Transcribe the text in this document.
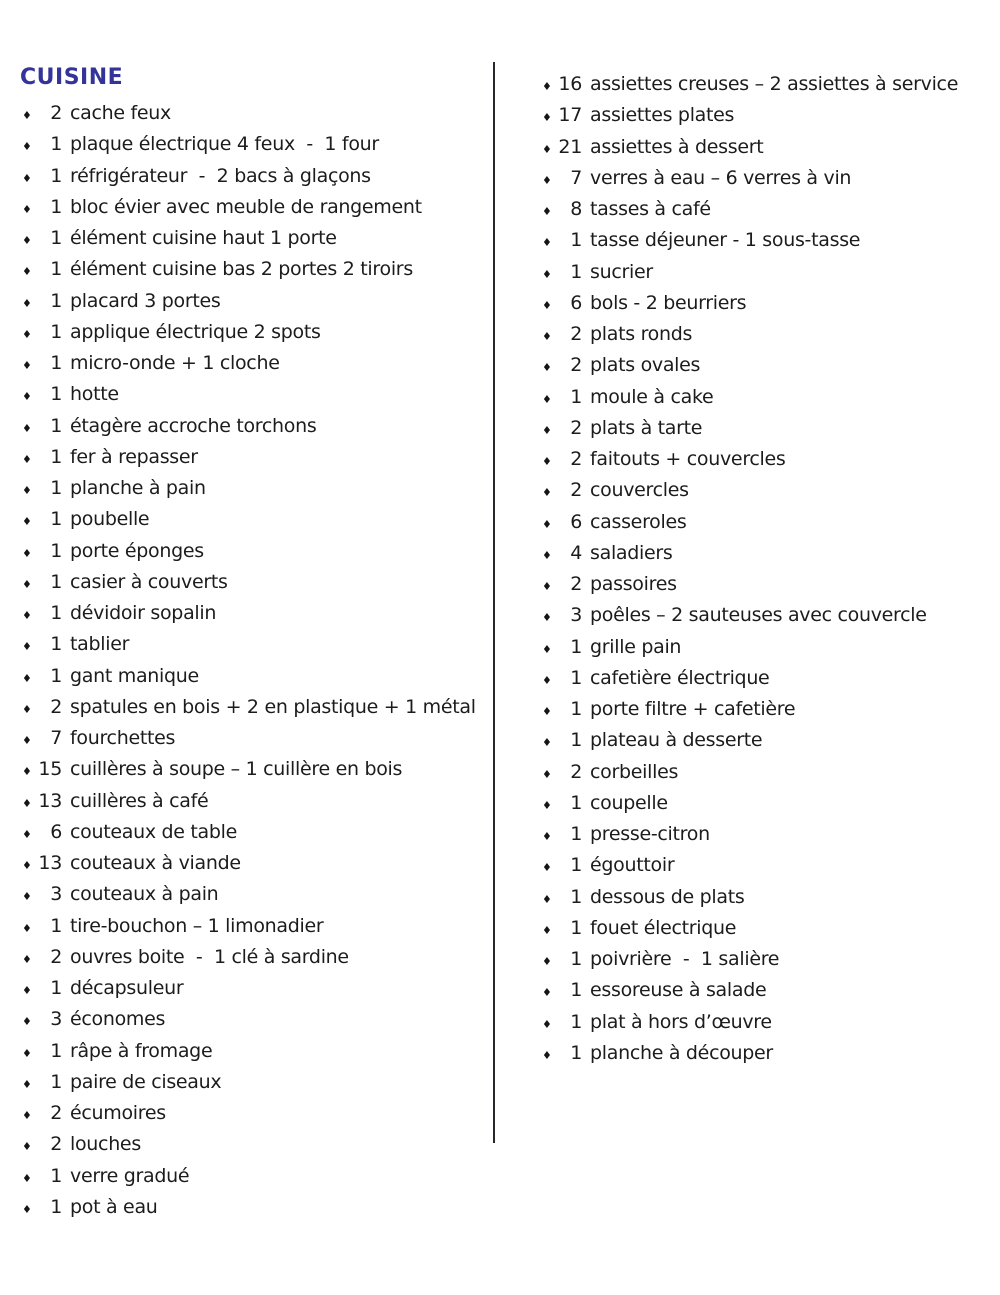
CUISINE
♦ 2 cache feux
♦ 1 plaque électrique 4 feux  -  1 four
♦ 1 réfrigérateur  -  2 bacs à glaçons
♦ 1 bloc évier avec meuble de rangement
♦ 1 élément cuisine haut 1 porte
♦ 1 élément cuisine bas 2 portes 2 tiroirs
♦ 1 placard 3 portes
♦ 1 applique électrique 2 spots
♦ 1 micro-onde + 1 cloche
♦ 1 hotte
♦ 1 étagère accroche torchons
♦ 1 fer à repasser
♦ 1 planche à pain
♦ 1 poubelle
♦ 1 porte éponges
♦ 1 casier à couverts
♦ 1 dévidoir sopalin
♦ 1 tablier
♦ 1 gant manique
♦ 2 spatules en bois + 2 en plastique + 1 métal
♦ 7 fourchettes
♦ 15 cuillères à soupe – 1 cuillère en bois
♦ 13 cuillères à café
♦ 6 couteaux de table
♦ 13 couteaux à viande
♦ 3 couteaux à pain
♦ 1 tire-bouchon – 1 limonadier
♦ 2 ouvres boite  -  1 clé à sardine
♦ 1 décapsuleur
♦ 3 économes
♦ 1 râpe à fromage
♦ 1 paire de ciseaux
♦ 2 écumoires
♦ 2 louches
♦ 1 verre gradué
♦ 1 pot à eau
♦ 16 assiettes creuses – 2 assiettes à service
♦ 17 assiettes plates
♦ 21 assiettes à dessert
♦ 7 verres à eau – 6 verres à vin
♦ 8 tasses à café
♦ 1 tasse déjeuner - 1 sous-tasse
♦ 1 sucrier
♦ 6 bols - 2 beurriers
♦ 2 plats ronds
♦ 2 plats ovales
♦ 1 moule à cake
♦ 2 plats à tarte
♦ 2 faitouts + couvercles
♦ 2 couvercles
♦ 6 casseroles
♦ 4 saladiers
♦ 2 passoires
♦ 3 poêles – 2 sauteuses avec couvercle
♦ 1 grille pain
♦ 1 cafetière électrique
♦ 1 porte filtre + cafetière
♦ 1 plateau à desserte
♦ 2 corbeilles
♦ 1 coupelle
♦ 1 presse-citron
♦ 1 égouttoir
♦ 1 dessous de plats
♦ 1 fouet électrique
♦ 1 poivrière  -  1 salière
♦ 1 essoreuse à salade
♦ 1 plat à hors d’œuvre
♦ 1 planche à découper
